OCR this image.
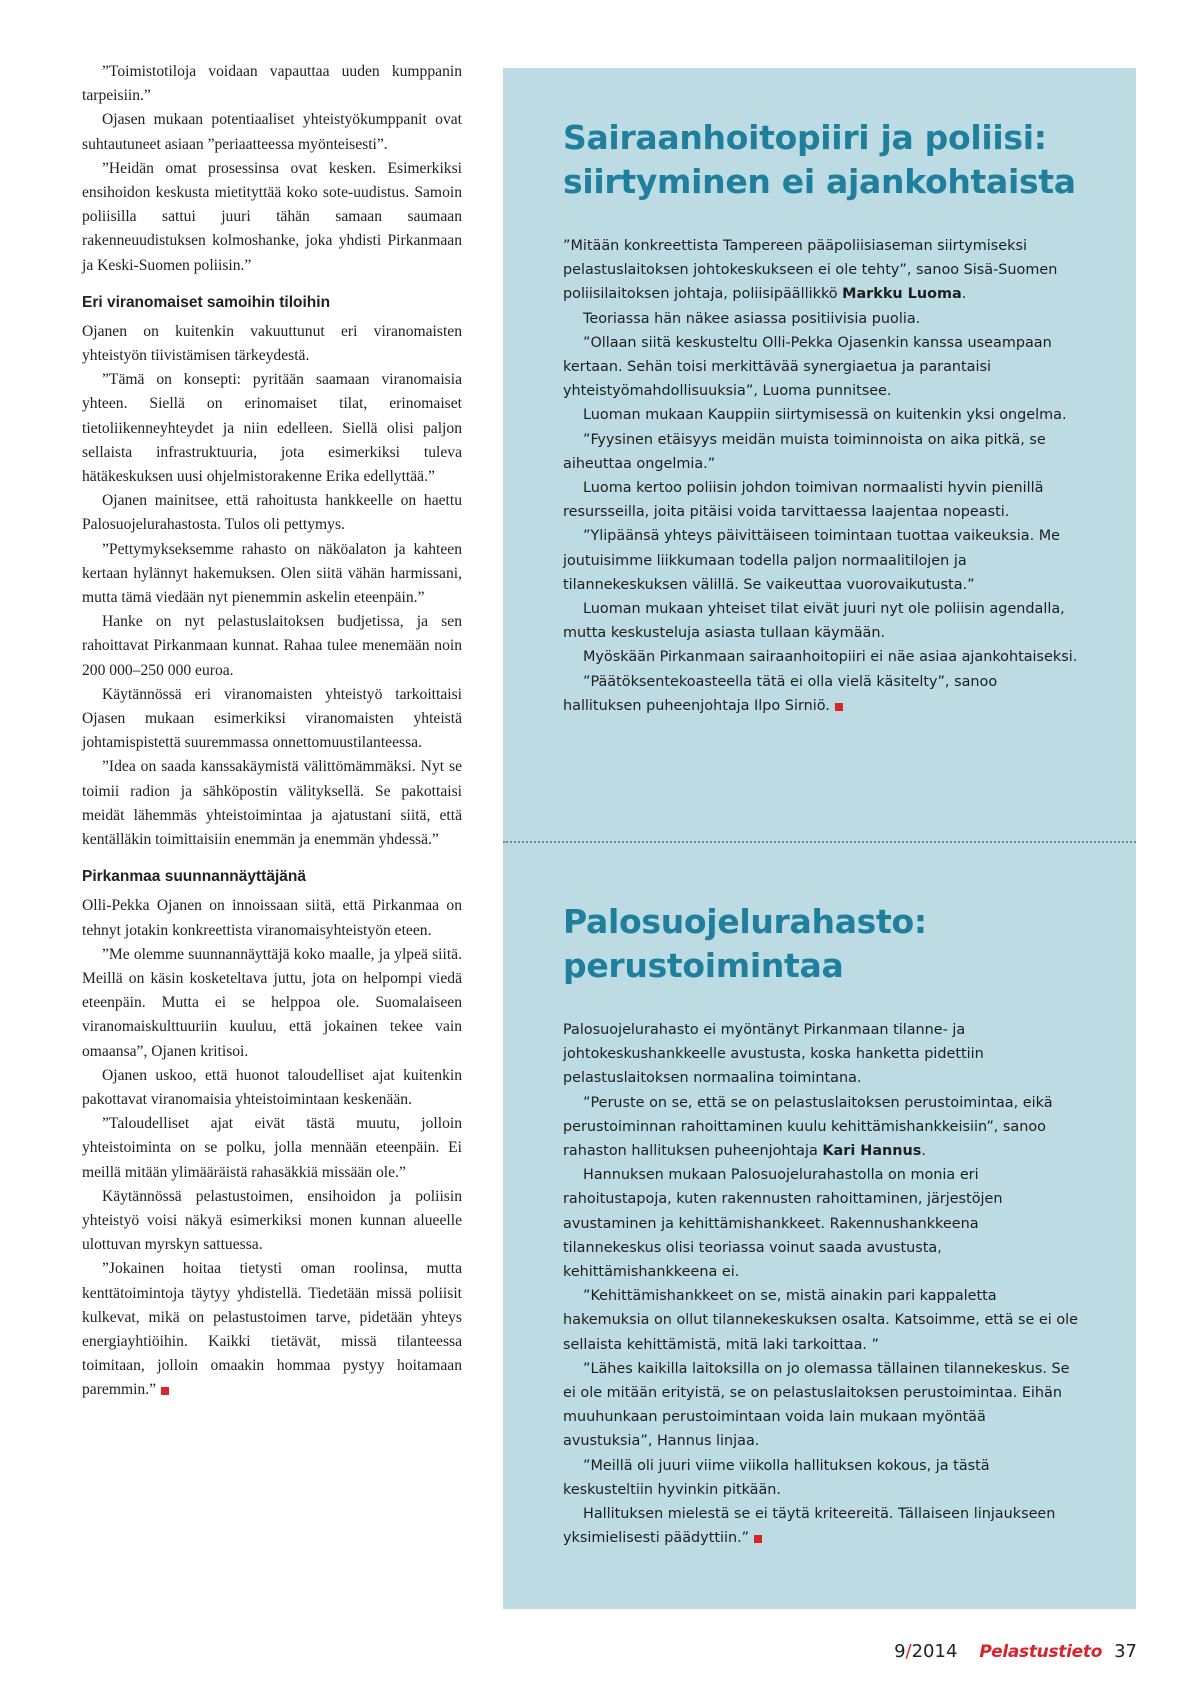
”Toimistotiloja voidaan vapauttaa uuden kumppanin tarpeisiin.”

Ojasen mukaan potentiaaliset yhteistyökumppanit ovat suhtautuneet asiaan ”periaatteessa myönteisesti”.

”Heidän omat prosessinsa ovat kesken. Esimerkiksi ensihoidon keskusta mietityttää koko sote-uudistus. Samoin poliisilla sattui juuri tähän samaan saumaan rakenneuudistuksen kolmoshanke, joka yhdisti Pirkanmaan ja Keski-Suomen poliisin.”

Eri viranomaiset samoihin tiloihin

Ojanen on kuitenkin vakuuttunut eri viranomaisten yhteistyön tiivistämisen tärkeydestä.

”Tämä on konsepti: pyritään saamaan viranomaisia yhteen. Siellä on erinomaiset tilat, erinomaiset tietoliikenneyhteydet ja niin edelleen. Siellä olisi paljon sellaista infrastruktuuria, jota esimerkiksi tuleva hätäkeskuksen uusi ohjelmistorakenne Erika edellyttää.”

Ojanen mainitsee, että rahoitusta hankkeelle on haettu Palosuojelurahastosta. Tulos oli pettymys.

”Pettymykseksemme rahasto on näköalaton ja kahteen kertaan hylännyt hakemuksen. Olen siitä vähän harmissani, mutta tämä viedään nyt pienemmin askelin eteenpäin.”

Hanke on nyt pelastuslaitoksen budjetissa, ja sen rahoittavat Pirkanmaan kunnat. Rahaa tulee menemään noin 200 000–250 000 euroa.

Käytännössä eri viranomaisten yhteistyö tarkoittaisi Ojasen mukaan esimerkiksi viranomaisten yhteistä johtamispistettä suuremmassa onnettomuustilanteessa.

”Idea on saada kanssakäymistä välittömämmäksi. Nyt se toimii radion ja sähköpostin välityksellä. Se pakottaisi meidät lähemmäs yhteistoimintaa ja ajatustani siitä, että kentälläkin toimittaisiin enemmän ja enemmän yhdessä.”

Pirkanmaa suunnannäyttäjänä

Olli-Pekka Ojanen on innoissaan siitä, että Pirkanmaa on tehnyt jotakin konkreettista viranomaisyhteistyön eteen.

”Me olemme suunnannäyttäjä koko maalle, ja ylpeä siitä. Meillä on käsin kosketeltava juttu, jota on helpompi viedä eteenpäin. Mutta ei se helppoa ole. Suomalaiseen viranomaiskulttuuriin kuuluu, että jokainen tekee vain omaansa”, Ojanen kritisoi.

Ojanen uskoo, että huonot taloudelliset ajat kuitenkin pakottavat viranomaisia yhteistoimintaan keskenään.

”Taloudelliset ajat eivät tästä muutu, jolloin yhteistoiminta on se polku, jolla mennään eteenpäin. Ei meillä mitään ylimääräistä rahasäkkiä missään ole.”

Käytännössä pelastustoimen, ensihoidon ja poliisin yhteistyö voisi näkyä esimerkiksi monen kunnan alueelle ulottuvan myrskyn sattuessa.

”Jokainen hoitaa tietysti oman roolinsa, mutta kenttätoimintoja täytyy yhdistellä. Tiedetään missä poliisit kulkevat, mikä on pelastustoimen tarve, pidetään yhteys energiayhtiöihin. Kaikki tietävät, missä tilanteessa toimitaan, jolloin omaakin hommaa pystyy hoitamaan paremmin.”

Sairaanhoitopiiri ja poliisi: siirtyminen ei ajankohtaista

”Mitään konkreettista Tampereen pääpoliisiaseman siirtymiseksi pelastuslaitoksen johtokeskukseen ei ole tehty”, sanoo Sisä-Suomen poliisilaitoksen johtaja, poliisipäällikkö Markku Luoma.

Teoriassa hän näkee asiassa positiivisia puolia.

”Ollaan siitä keskusteltu Olli-Pekka Ojasenkin kanssa useampaan kertaan. Sehän toisi merkittävää synergiaetua ja parantaisi yhteistyömahdollisuuksia”, Luoma punnitsee.

Luoman mukaan Kauppiin siirtymisessä on kuitenkin yksi ongelma.

”Fyysinen etäisyys meidän muista toiminnoista on aika pitkä, se aiheuttaa ongelmia.”

Luoma kertoo poliisin johdon toimivan normaalisti hyvin pienillä resursseilla, joita pitäisi voida tarvittaessa laajentaa nopeasti.

”Ylipäänsä yhteys päivittäiseen toimintaan tuottaa vaikeuksia. Me joutuisimme liikkumaan todella paljon normaalitilojen ja tilannekeskuksen välillä. Se vaikeuttaa vuorovaikutusta.”

Luoman mukaan yhteiset tilat eivät juuri nyt ole poliisin agendalla, mutta keskusteluja asiasta tullaan käymään.

Myöskään Pirkanmaan sairaanhoitopiiri ei näe asiaa ajankohtaiseksi.

”Päätöksentekoasteella tätä ei olla vielä käsitelty”, sanoo hallituksen puheenjohtaja Ilpo Sirniö.

Palosuojelurahasto: perustoimintaa

Palosuojelurahasto ei myöntänyt Pirkanmaan tilanne- ja johtokeskushankkeelle avustusta, koska hanketta pidettiin pelastuslaitoksen normaalina toimintana.

”Peruste on se, että se on pelastuslaitoksen perustoimintaa, eikä perustoiminnan rahoittaminen kuulu kehittämishankkeisiin”, sanoo rahaston hallituksen puheenjohtaja Kari Hannus.

Hannuksen mukaan Palosuojelurahastolla on monia eri rahoitustapoja, kuten rakennusten rahoittaminen, järjestöjen avustaminen ja kehittämishankkeet. Rakennushankkeena tilannekeskus olisi teoriassa voinut saada avustusta, kehittämishankkeena ei.

”Kehittämishankkeet on se, mistä ainakin pari kappaletta hakemuksia on ollut tilannekeskuksen osalta. Katsoimme, että se ei ole sellaista kehittämistä, mitä laki tarkoittaa. ”

”Lähes kaikilla laitoksilla on jo olemassa tällainen tilannekeskus. Se ei ole mitään erityistä, se on pelastuslaitoksen perustoimintaa. Eihän muuhunkaan perustoimintaan voida lain mukaan myöntää avustuksia”, Hannus linjaa.

”Meillä oli juuri viime viikolla hallituksen kokous, ja tästä keskusteltiin hyvinkin pitkään.

Hallituksen mielestä se ei täytä kriteereitä. Tällaiseen linjaukseen yksimielisesti päädyttiin.”

9/2014 Pelastustieto 37
